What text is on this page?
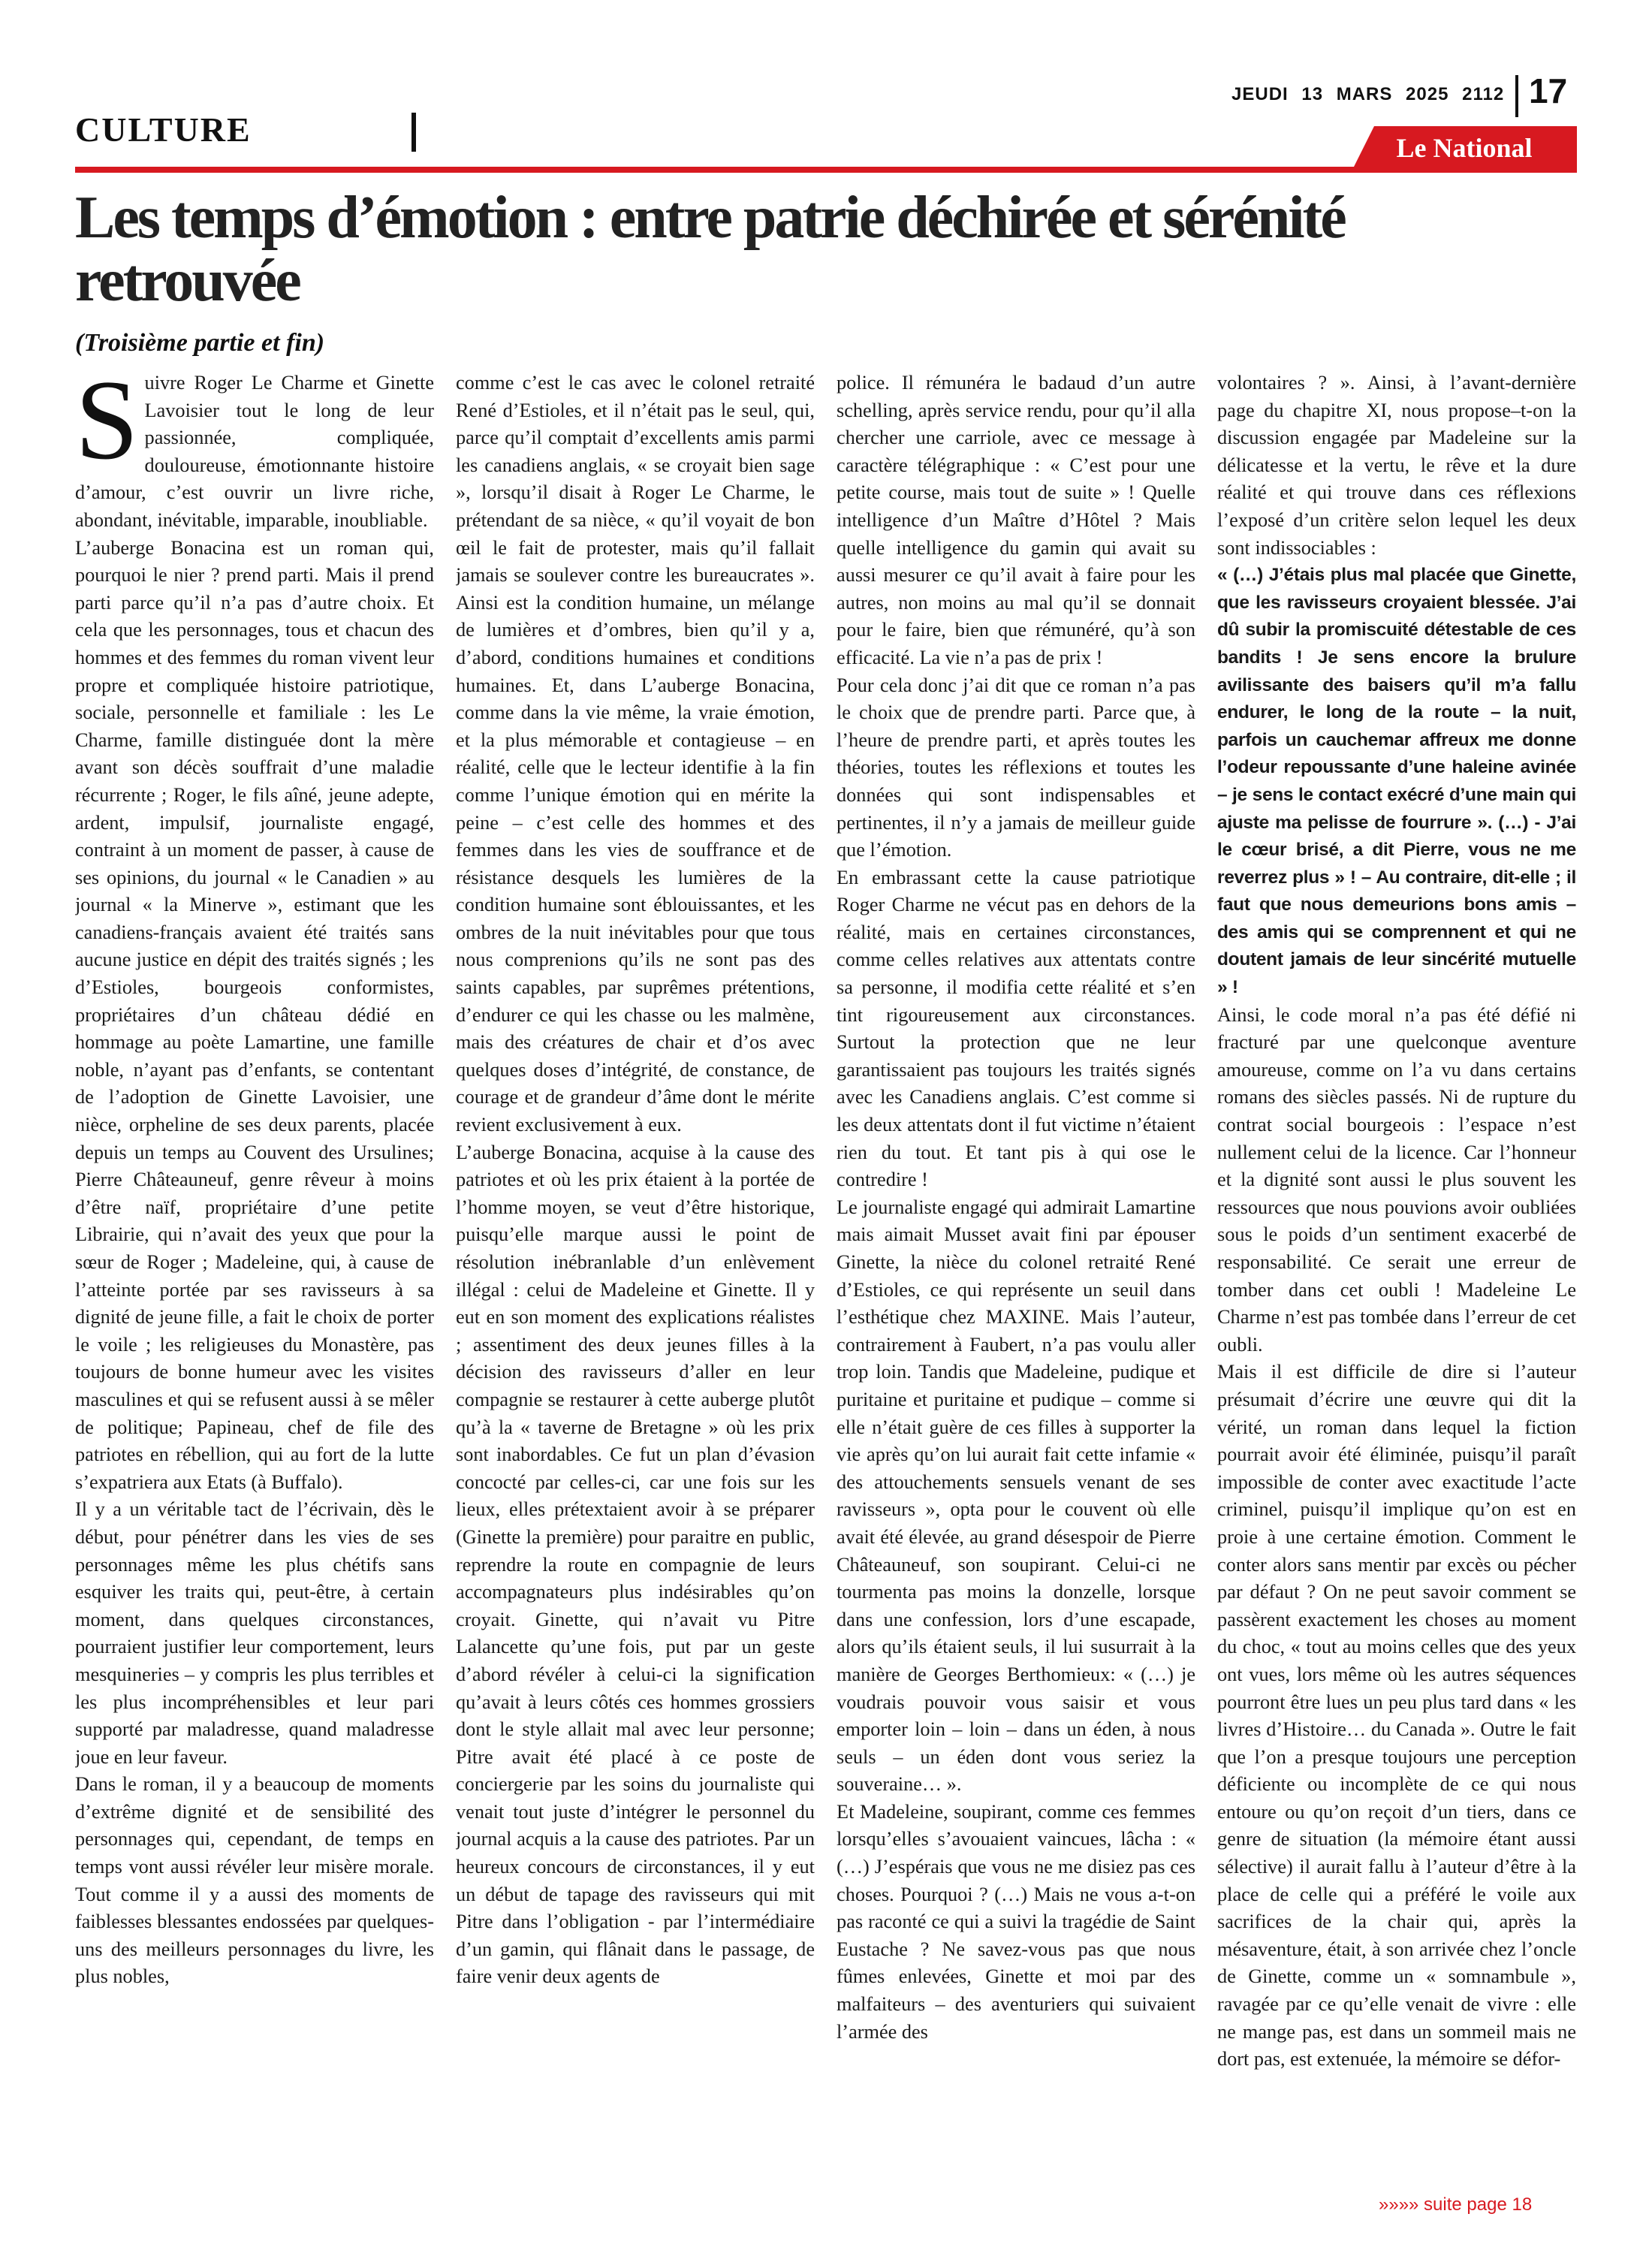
CULTURE
JEUDI 13 MARS 2025 2112 17
Le National
Les temps d’émotion : entre patrie déchirée et sérénité retrouvée
(Troisième partie et fin)

Suivre Roger Le Charme et Ginette Lavoisier tout le long de leur passionnée, compliquée, douloureuse, émotionnante histoire d’amour, c’est ouvrir un livre riche, abondant, inévitable, imparable, inoubliable.

L’auberge Bonacina est un roman qui, pourquoi le nier ? prend parti. Mais il prend parti parce qu’il n’a pas d’autre choix. Et cela que les personnages, tous et chacun des hommes et des femmes du roman vivent leur propre et compliquée histoire patriotique, sociale, personnelle et familiale : les Le Charme, famille distinguée dont la mère avant son décès souffrait d’une maladie récurrente ; Roger, le fils aîné, jeune adepte, ardent, impulsif, journaliste engagé, contraint à un moment de passer, à cause de ses opinions, du journal « le Canadien » au journal « la Minerve », estimant que les canadiens-français avaient été traités sans aucune justice en dépit des traités signés ; les d’Estioles, bourgeois conformistes, propriétaires d’un château dédié en hommage au poète Lamartine, une famille noble, n’ayant pas d’enfants, se contentant de l’adoption de Ginette Lavoisier, une nièce, orpheline de ses deux parents, placée depuis un temps au Couvent des Ursulines; Pierre Châteauneuf, genre rêveur à moins d’être naïf, propriétaire d’une petite Librairie, qui n’avait des yeux que pour la sœur de Roger ; Madeleine, qui, à cause de l’atteinte portée par ses ravisseurs à sa dignité de jeune fille, a fait le choix de porter le voile ; les religieuses du Monastère, pas toujours de bonne humeur avec les visites masculines et qui se refusent aussi à se mêler de politique; Papineau, chef de file des patriotes en rébellion, qui au fort de la lutte s’expatriera aux Etats (à Buffalo).

Il y a un véritable tact de l’écrivain, dès le début, pour pénétrer dans les vies de ses personnages même les plus chétifs sans esquiver les traits qui, peut-être, à certain moment, dans quelques circonstances, pourraient justifier leur comportement, leurs mesquineries – y compris les plus terribles et les plus incompréhensibles et leur pari supporté par maladresse, quand maladresse joue en leur faveur.

Dans le roman, il y a beaucoup de moments d’extrême dignité et de sensibilité des personnages qui, cependant, de temps en temps vont aussi révéler leur misère morale. Tout comme il y a aussi des moments de faiblesses blessantes endossées par quelques-uns des meilleurs personnages du livre, les plus nobles,

comme c’est le cas avec le colonel retraité René d’Estioles, et il n’était pas le seul, qui, parce qu’il comptait d’excellents amis parmi les canadiens anglais, « se croyait bien sage », lorsqu’il disait à Roger Le Charme, le prétendant de sa nièce, « qu’il voyait de bon œil le fait de protester, mais qu’il fallait jamais se soulever contre les bureaucrates ». Ainsi est la condition humaine, un mélange de lumières et d’ombres, bien qu’il y a, d’abord, conditions humaines et conditions humaines. Et, dans L’auberge Bonacina, comme dans la vie même, la vraie émotion, et la plus mémorable et contagieuse – en réalité, celle que le lecteur identifie à la fin comme l’unique émotion qui en mérite la peine – c’est celle des hommes et des femmes dans les vies de souffrance et de résistance desquels les lumières de la condition humaine sont éblouissantes, et les ombres de la nuit inévitables pour que tous nous comprenions qu’ils ne sont pas des saints capables, par suprêmes prétentions, d’endurer ce qui les chasse ou les malmène, mais des créatures de chair et d’os avec quelques doses d’intégrité, de constance, de courage et de grandeur d’âme dont le mérite revient exclusivement à eux.

L’auberge Bonacina, acquise à la cause des patriotes et où les prix étaient à la portée de l’homme moyen, se veut d’être historique, puisqu’elle marque aussi le point de résolution inébranlable d’un enlèvement illégal : celui de Madeleine et Ginette. Il y eut en son moment des explications réalistes ; assentiment des deux jeunes filles à la décision des ravisseurs d’aller en leur compagnie se restaurer à cette auberge plutôt qu’à la « taverne de Bretagne » où les prix sont inabordables. Ce fut un plan d’évasion concocté par celles-ci, car une fois sur les lieux, elles prétextaient avoir à se préparer (Ginette la première) pour paraitre en public, reprendre la route en compagnie de leurs accompagnateurs plus indésirables qu’on croyait. Ginette, qui n’avait vu Pitre Lalancette qu’une fois, put par un geste d’abord révéler à celui-ci la signification qu’avait à leurs côtés ces hommes grossiers dont le style allait mal avec leur personne; Pitre avait été placé à ce poste de conciergerie par les soins du journaliste qui venait tout juste d’intégrer le personnel du journal acquis a la cause des patriotes. Par un heureux concours de circonstances, il y eut un début de tapage des ravisseurs qui mit Pitre dans l’obligation - par l’intermédiaire d’un gamin, qui flânait dans le passage, de faire venir deux agents de

police. Il rémunéra le badaud d’un autre schelling, après service rendu, pour qu’il alla chercher une carriole, avec ce message à caractère télégraphique : « C’est pour une petite course, mais tout de suite » ! Quelle intelligence d’un Maître d’Hôtel ? Mais quelle intelligence du gamin qui avait su aussi mesurer ce qu’il avait à faire pour les autres, non moins au mal qu’il se donnait pour le faire, bien que rémunéré, qu’à son efficacité. La vie n’a pas de prix !

Pour cela donc j’ai dit que ce roman n’a pas le choix que de prendre parti. Parce que, à l’heure de prendre parti, et après toutes les théories, toutes les réflexions et toutes les données qui sont indispensables et pertinentes, il n’y a jamais de meilleur guide que l’émotion.

En embrassant cette la cause patriotique Roger Charme ne vécut pas en dehors de la réalité, mais en certaines circonstances, comme celles relatives aux attentats contre sa personne, il modifia cette réalité et s’en tint rigoureusement aux circonstances. Surtout la protection que ne leur garantissaient pas toujours les traités signés avec les Canadiens anglais. C’est comme si les deux attentats dont il fut victime n’étaient rien du tout. Et tant pis à qui ose le contredire !

Le journaliste engagé qui admirait Lamartine mais aimait Musset avait fini par épouser Ginette, la nièce du colonel retraité René d’Estioles, ce qui représente un seuil dans l’esthétique chez MAXINE. Mais l’auteur, contrairement à Faubert, n’a pas voulu aller trop loin. Tandis que Madeleine, pudique et puritaine et puritaine et pudique – comme si elle n’était guère de ces filles à supporter la vie après qu’on lui aurait fait cette infamie « des attouchements sensuels venant de ses ravisseurs », opta pour le couvent où elle avait été élevée, au grand désespoir de Pierre Châteauneuf, son soupirant. Celui-ci ne tourmenta pas moins la donzelle, lorsque dans une confession, lors d’une escapade, alors qu’ils étaient seuls, il lui susurrait à la manière de Georges Berthomieux: « (…) je voudrais pouvoir vous saisir et vous emporter loin – loin – dans un éden, à nous seuls – un éden dont vous seriez la souveraine… ».

Et Madeleine, soupirant, comme ces femmes lorsqu’elles s’avouaient vaincues, lâcha : « (…) J’espérais que vous ne me disiez pas ces choses. Pourquoi ? (…) Mais ne vous a-t-on pas raconté ce qui a suivi la tragédie de Saint Eustache ? Ne savez-vous pas que nous fûmes enlevées, Ginette et moi par des malfaiteurs – des aventuriers qui suivaient l’armée des

volontaires ? ». Ainsi, à l’avant-dernière page du chapitre XI, nous propose–t-on la discussion engagée par Madeleine sur la délicatesse et la vertu, le rêve et la dure réalité et qui trouve dans ces réflexions l’exposé d’un critère selon lequel les deux sont indissociables :

« (…) J’étais plus mal placée que Ginette, que les ravisseurs croyaient blessée. J’ai dû subir la promiscuité détestable de ces bandits ! Je sens encore la brulure avilissante des baisers qu’il m’a fallu endurer, le long de la route – la nuit, parfois un cauchemar affreux me donne l’odeur repoussante d’une haleine avinée – je sens le contact exécré d’une main qui ajuste ma pelisse de fourrure ». (…) - J’ai le cœur brisé, a dit Pierre, vous ne me reverrez plus » ! – Au contraire, dit-elle ; il faut que nous demeurions bons amis – des amis qui se comprennent et qui ne doutent jamais de leur sincérité mutuelle » !

Ainsi, le code moral n’a pas été défié ni fracturé par une quelconque aventure amoureuse, comme on l’a vu dans certains romans des siècles passés. Ni de rupture du contrat social bourgeois : l’espace n’est nullement celui de la licence. Car l’honneur et la dignité sont aussi le plus souvent les ressources que nous pouvions avoir oubliées sous le poids d’un sentiment exacerbé de responsabilité. Ce serait une erreur de tomber dans cet oubli ! Madeleine Le Charme n’est pas tombée dans l’erreur de cet oubli.

Mais il est difficile de dire si l’auteur présumait d’écrire une œuvre qui dit la vérité, un roman dans lequel la fiction pourrait avoir été éliminée, puisqu’il paraît impossible de conter avec exactitude l’acte criminel, puisqu’il implique qu’on est en proie à une certaine émotion. Comment le conter alors sans mentir par excès ou pécher par défaut ? On ne peut savoir comment se passèrent exactement les choses au moment du choc, « tout au moins celles que des yeux ont vues, lors même où les autres séquences pourront être lues un peu plus tard dans « les livres d’Histoire… du Canada ». Outre le fait que l’on a presque toujours une perception déficiente ou incomplète de ce qui nous entoure ou qu’on reçoit d’un tiers, dans ce genre de situation (la mémoire étant aussi sélective) il aurait fallu à l’auteur d’être à la place de celle qui a préféré le voile aux sacrifices de la chair qui, après la mésaventure, était, à son arrivée chez l’oncle de Ginette, comme un « somnambule », ravagée par ce qu’elle venait de vivre : elle ne mange pas, est dans un sommeil mais ne dort pas, est extenuée, la mémoire se défor-

»»»» suite page 18
